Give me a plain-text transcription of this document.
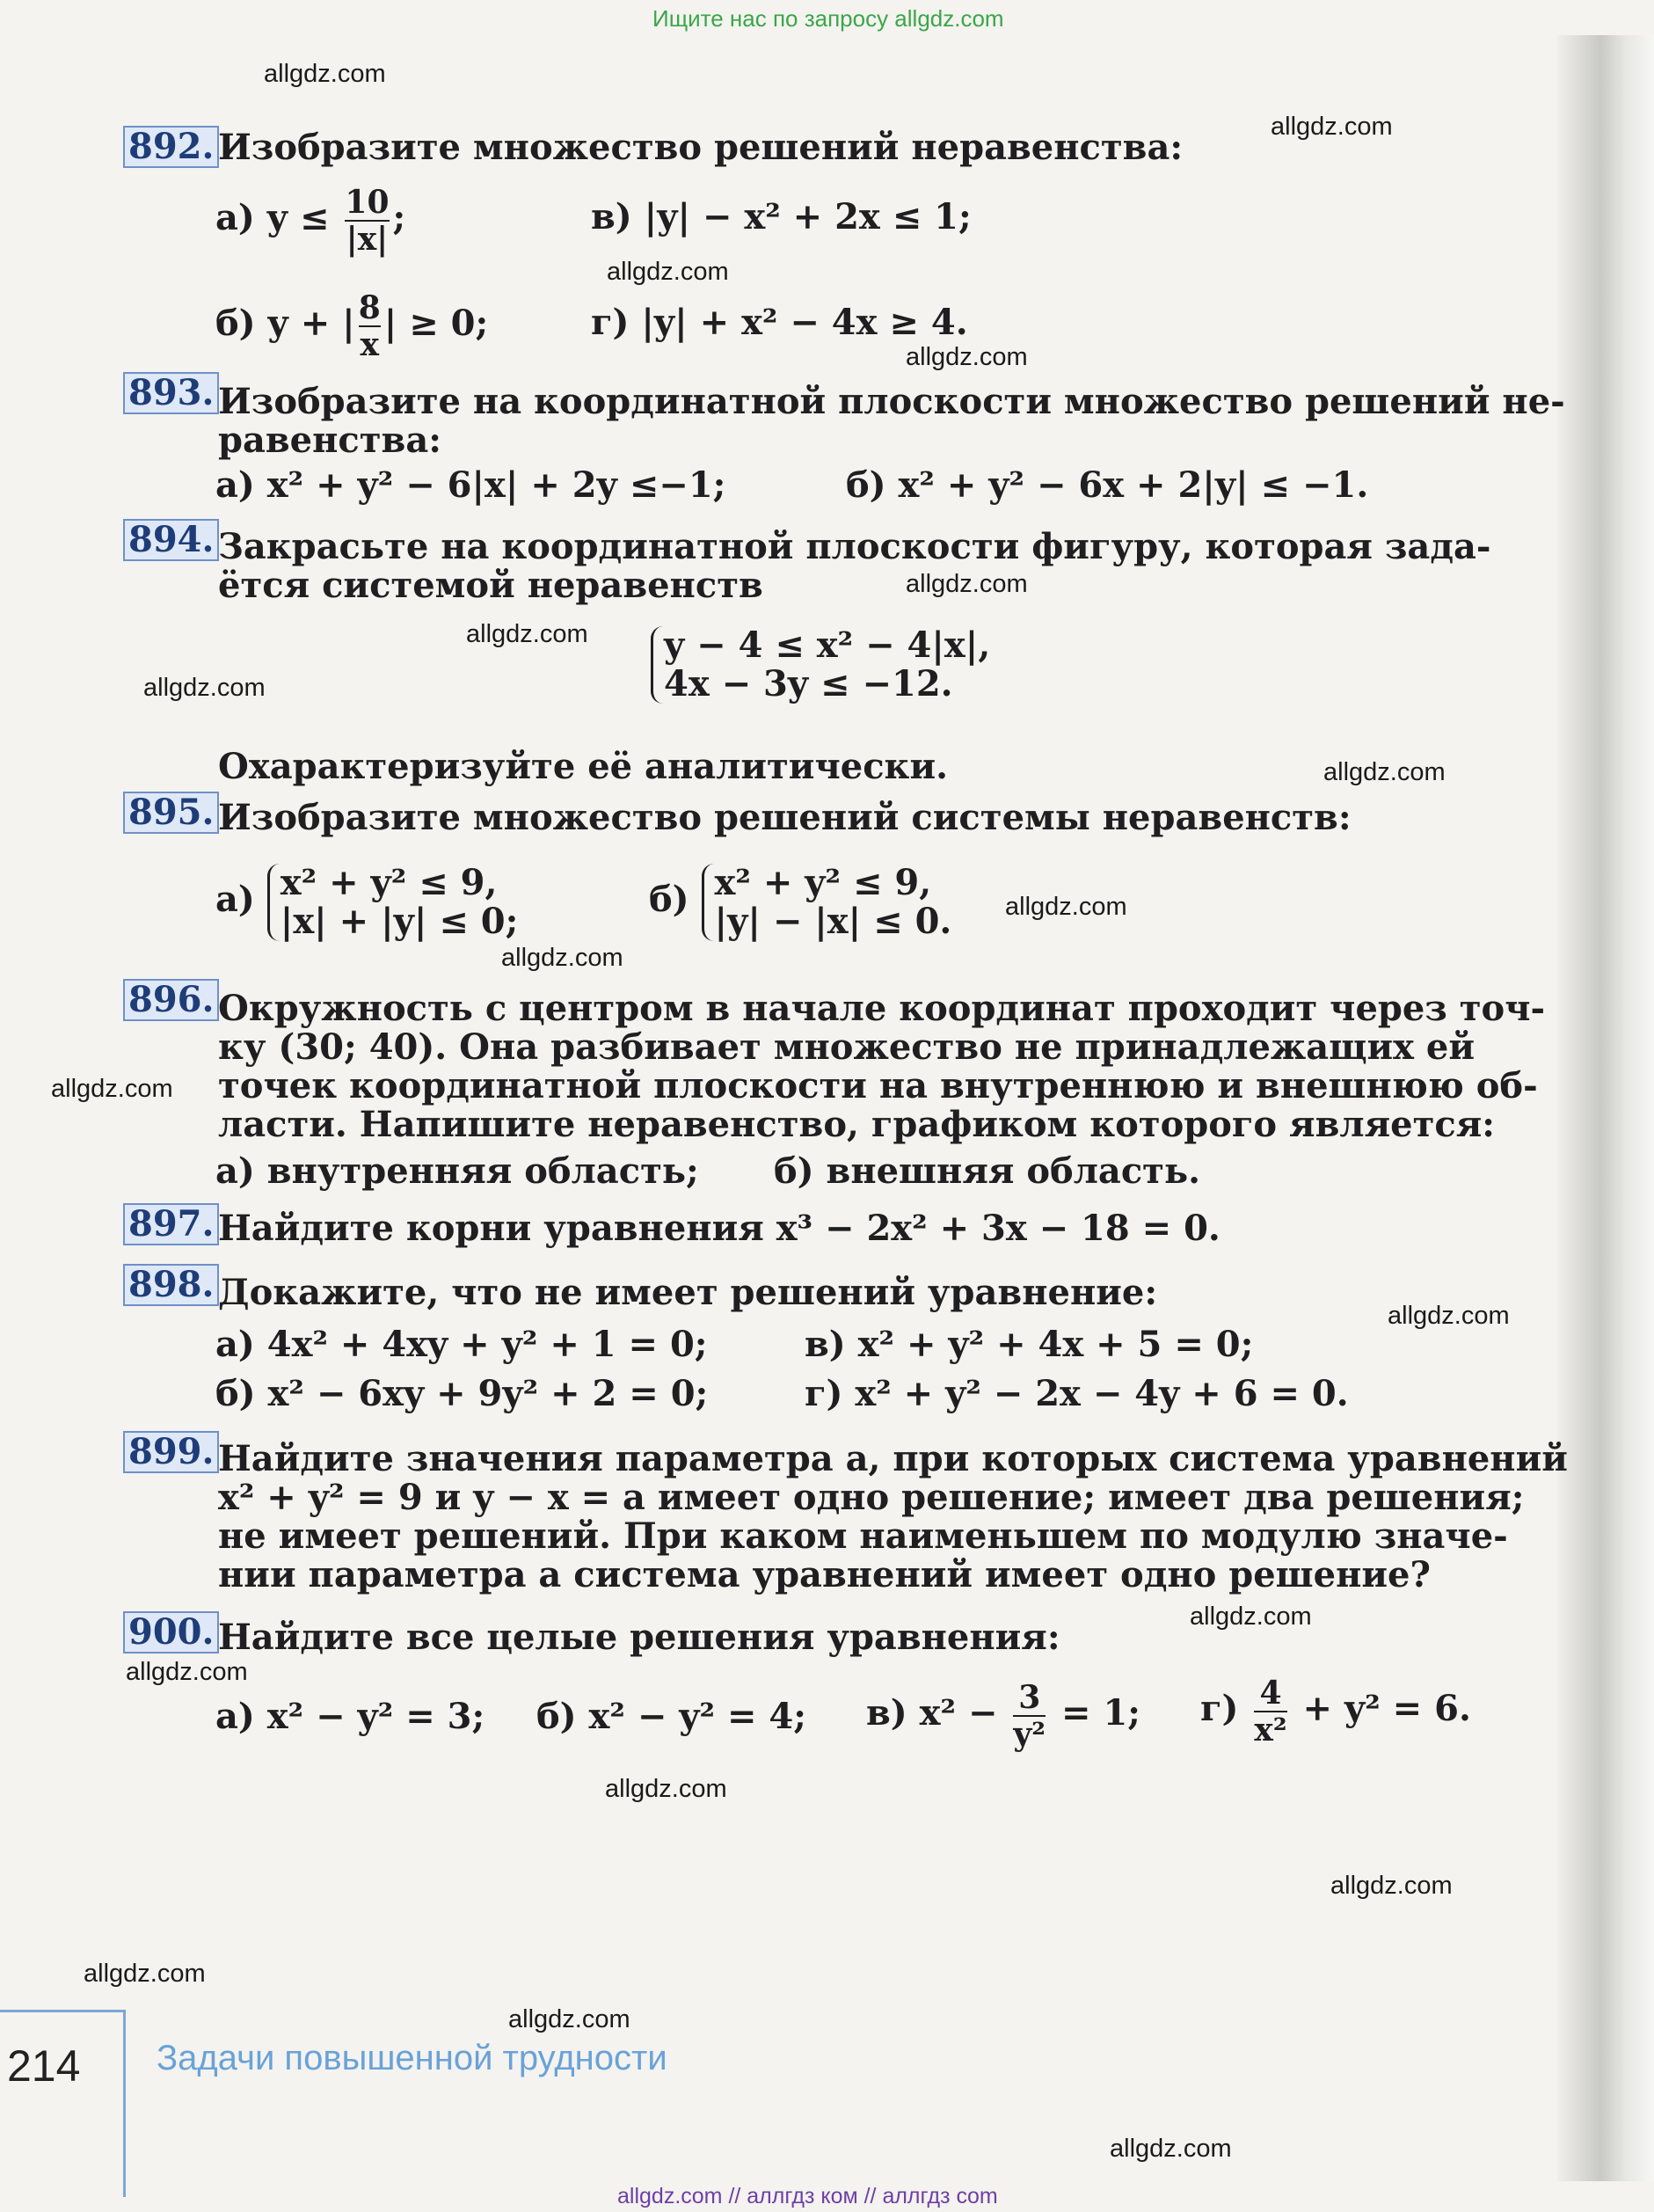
Ищите нас по запросу allgdz.com
allgdz.com
allgdz.com
allgdz.com
allgdz.com
allgdz.com
allgdz.com
allgdz.com
allgdz.com
allgdz.com
allgdz.com
allgdz.com
allgdz.com
allgdz.com
allgdz.com
allgdz.com
allgdz.com
allgdz.com
allgdz.com
allgdz.com
892. Изобразите множество решений неравенства:
а) $y \le \frac{10}{|x|}$ ;	в) |y| − x² + 2x ≤ 1;
б) y + | $\frac{8}{x}$ | ≥ 0;	г) |y| + x² − 4x ≥ 4.
893. Изобразите на координатной плоскости множество решений не-
равенства:
а) x² + y² − 6|x| + 2y ≤−1;	б) x² + y² − 6x + 2|y| ≤ −1.
894. Закрасьте на координатной плоскости фигуру, которая зада-
ётся системой неравенств
y − 4 ≤ x² − 4|x|,
4x − 3y ≤ −12.
Охарактеризуйте её аналитически.
895. Изобразите множество решений системы неравенств:
а) x² + y² ≤ 9,
|x| + |y| ≤ 0;
б) x² + y² ≤ 9,
|y| − |x| ≤ 0.
896. Окружность с центром в начале координат проходит через точ-
ку (30; 40). Она разбивает множество не принадлежащих ей
точек координатной плоскости на внутреннюю и внешнюю об-
ласти. Напишите неравенство, графиком которого является:
а) внутренняя область; б) внешняя область.
897. Найдите корни уравнения x³ − 2x² + 3x − 18 = 0.
898. Докажите, что не имеет решений уравнение:
а) 4x² + 4xy + y² + 1 = 0;	в) x² + y² + 4x + 5 = 0;
б) x² − 6xy + 9y² + 2 = 0;	г) x² + y² − 2x − 4y + 6 = 0.
899. Найдите значения параметра a, при которых система уравнений
x² + y² = 9 и y − x = a имеет одно решение; имеет два решения;
не имеет решений. При каком наименьшем по модулю значе-
нии параметра a система уравнений имеет одно решение?
900. Найдите все целые решения уравнения:
а) x² − y² = 3; б) x² − y² = 4; в) $x^2 - \frac{3}{\text{y²}} = 1$; $г) \frac{4}{\text{x²}} + y^2 = 6$.
214 Задачи повышенной трудности
allgdz.com // аллгдз ком // аллгдз com
